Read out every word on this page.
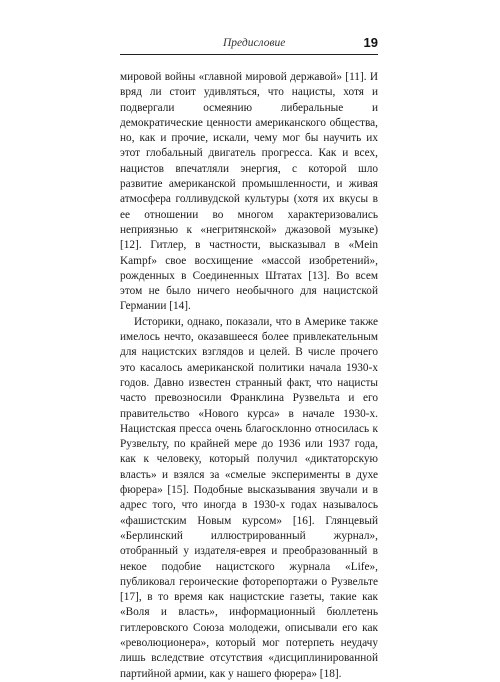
Предисловие	19

мировой войны «главной мировой державой» [11]. И вряд ли стоит удивляться, что нацисты, хотя и подвергали осмеянию либеральные и демократические ценности американского общества, но, как и прочие, искали, чему мог бы научить их этот глобальный двигатель прогресса. Как и всех, нацистов впечатляли энергия, с которой шло развитие американской промышленности, и живая атмосфера голливудской культуры (хотя их вкусы в ее отношении во многом характеризовались неприязнью к «негритянской» джазовой музыке) [12]. Гитлер, в частности, высказывал в «Mein Kampf» свое восхищение «массой изобретений», рожденных в Соединенных Штатах [13]. Во всем этом не было ничего необычного для нацистской Германии [14].

Историки, однако, показали, что в Америке также имелось нечто, оказавшееся более привлекательным для нацистских взглядов и целей. В числе прочего это касалось американской политики начала 1930-х годов. Давно известен странный факт, что нацисты часто превозносили Франклина Рузвельта и его правительство «Нового курса» в начале 1930-х. Нацистская пресса очень благосклонно относилась к Рузвельту, по крайней мере до 1936 или 1937 года, как к человеку, который получил «диктаторскую власть» и взялся за «смелые эксперименты в духе фюрера» [15]. Подобные высказывания звучали и в адрес того, что иногда в 1930-х годах называлось «фашистским Новым курсом» [16]. Глянцевый «Берлинский иллюстрированный журнал», отобранный у издателя-еврея и преобразованный в некое подобие нацистского журнала «Life», публиковал героические фоторепортажи о Рузвельте [17], в то время как нацистские газеты, такие как «Воля и власть», информационный бюллетень гитлеровского Союза молодежи, описывали его как «революционера», который мог потерпеть неудачу лишь вследствие отсутствия «дисциплинированной партийной армии, как у нашего фюрера» [18].
